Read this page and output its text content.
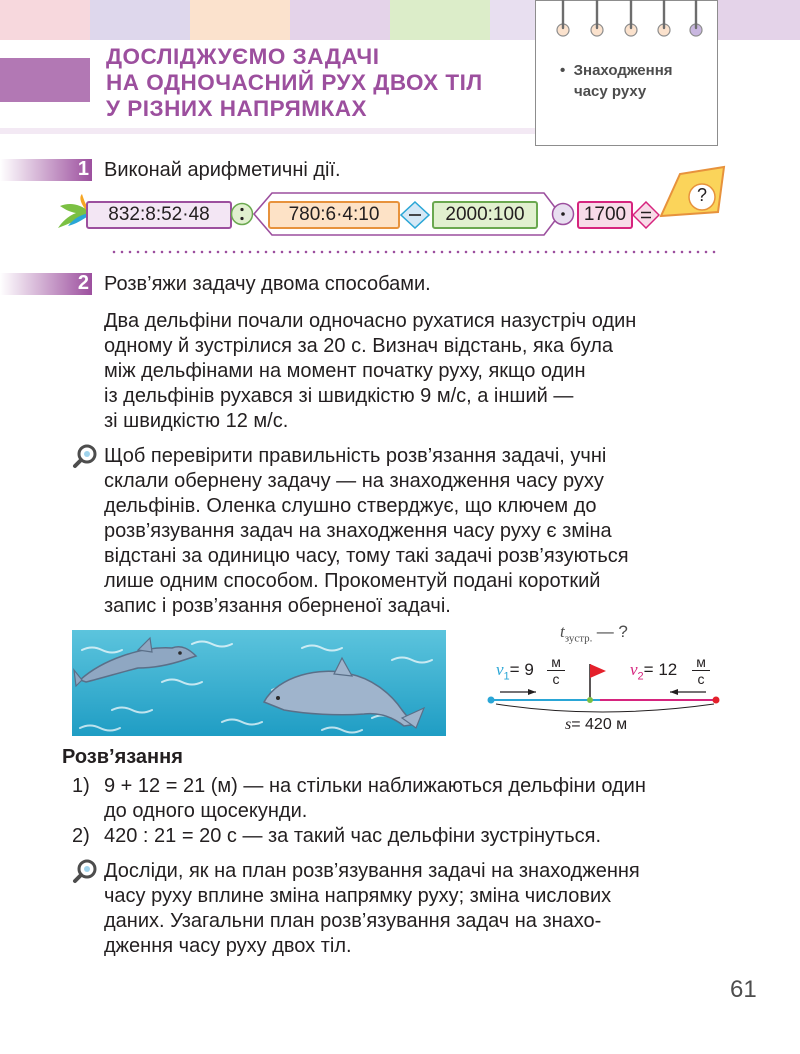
ДОСЛІДЖУЄМО ЗАДАЧІ
НА ОДНОЧАСНИЙ РУХ ДВОХ ТІЛ
У РІЗНИХ НАПРЯМКАХ
• Знаходження
часу руху
1 Виконай арифметичні дії.
832:8:52·48	780:6·4:10	2000:100	1700
?
2 Розв’яжи задачу двома способами.
Два дельфіни почали одночасно рухатися назустріч один
одному й зустрілися за 20 с. Визнач відстань, яка була
між дельфінами на момент початку руху, якщо один
із дельфінів рухався зі швидкістю 9 м/с, а інший —
зі швидкістю 12 м/с.
Щоб перевірити правильність розв’язання задачі, учні
склали обернену задачу — на знаходження часу руху
дельфінів. Оленка слушно стверджує, що ключем до
розв’язування задач на знаходження часу руху є зміна
відстані за одиницю часу, тому такі задачі розв’язуються
лише одним способом. Прокоментуй подані короткий
запис і розв’язання оберненої задачі.
$t_{зустр.}$ — ?
$v_1= 9$ м
с	$v_2= 12$ м
с
s= 420 м
Розв’язання
1) 9 + 12 = 21 (м) — на стільки наближаються дельфіни один
до одного щосекунди.
2) 420 : 21 = 20 с — за такий час дельфіни зустрінуться.
Досліди, як на план розв’язування задачі на знаходження
часу руху вплине зміна напрямку руху; зміна числових
даних. Узагальни план розв’язування задач на знахо-
дження часу руху двох тіл.
61
